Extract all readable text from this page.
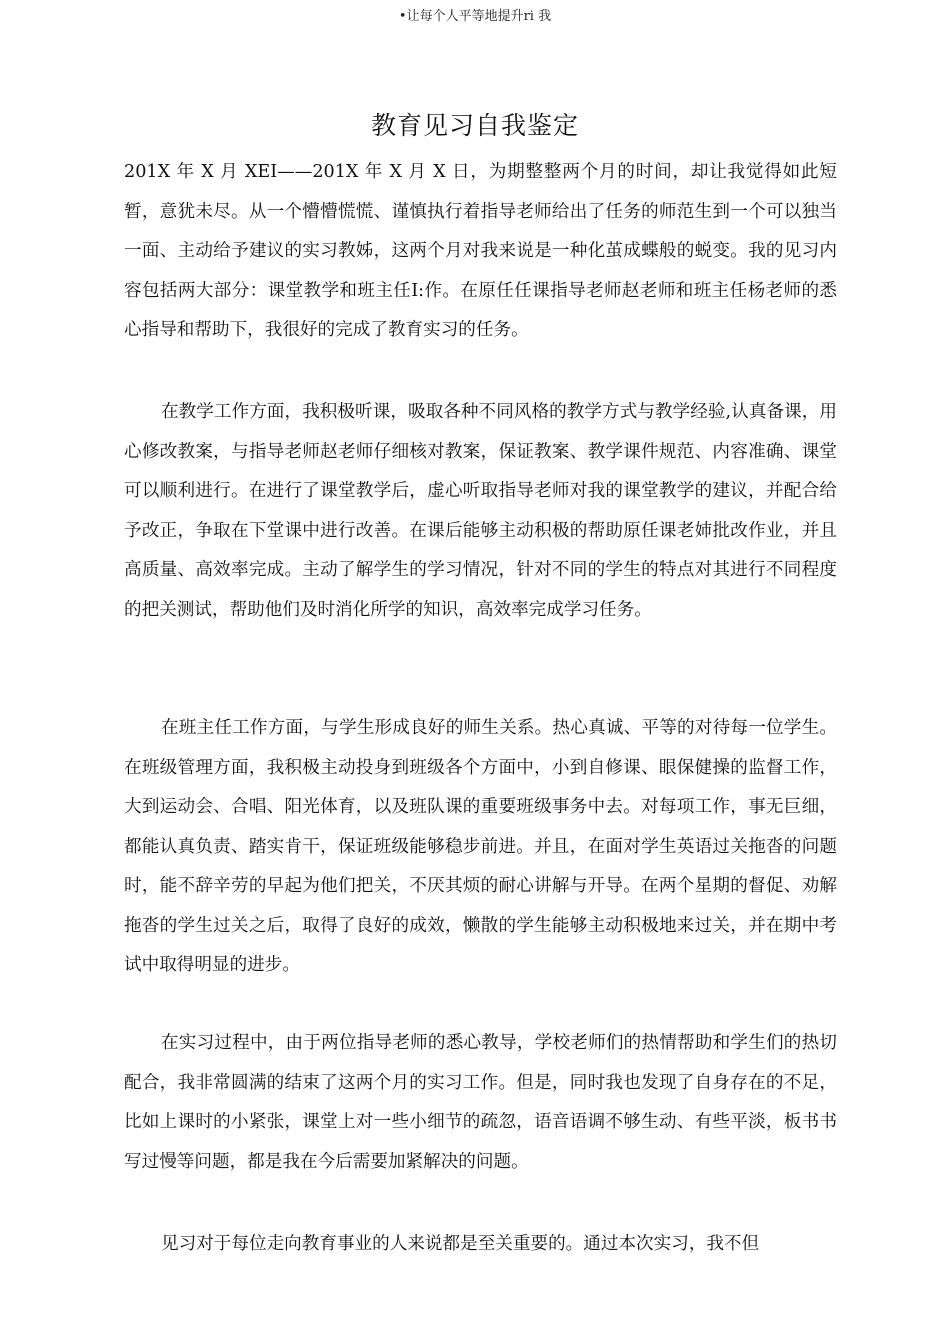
•让每个人平等地提升ri 我
教育见习自我鉴定

201X 年 X 月 XEI——201X 年 X 月 X 日，为期整整两个月的时间，却让我觉得如此短暂，意犹未尽。从一个懵懵慌慌、谨慎执行着指导老师给出了任务的师范生到一个可以独当一面、主动给予建议的实习教姊，这两个月对我来说是一种化茧成蝶般的蜕变。我的见习内容包括两大部分：课堂教学和班主任I:作。在原任任课指导老师赵老师和班主任杨老师的悉心指导和帮助下，我很好的完成了教育实习的任务。

在教学工作方面，我积极听课，吸取各种不同风格的教学方式与教学经验,认真备课，用心修改教案，与指导老师赵老师仔细核对教案，保证教案、教学课件规范、内容准确、课堂可以顺利进行。在进行了课堂教学后，虚心听取指导老师对我的课堂教学的建议，并配合给予改正，争取在下堂课中进行改善。在课后能够主动积极的帮助原任课老姉批改作业，并且高质量、高效率完成。主动了解学生的学习情况，针对不同的学生的特点对其进行不同程度的把关测试，帮助他们及时消化所学的知识，高效率完成学习任务。

在班主任工作方面，与学生形成良好的师生关系。热心真诚、平等的对待每一位学生。在班级管理方面，我积极主动投身到班级各个方面中，小到自修课、眼保健操的监督工作，大到运动会、合唱、阳光体育，以及班队课的重要班级事务中去。对每项工作，事无巨细，都能认真负责、踏实肯干，保证班级能够稳步前进。并且，在面对学生英语过关拖沓的问题时，能不辞辛劳的早起为他们把关，不厌其烦的耐心讲解与开导。在两个星期的督促、劝解拖沓的学生过关之后，取得了良好的成效，懒散的学生能够主动积极地来过关，并在期中考试中取得明显的进步。

在实习过程中，由于两位指导老师的悉心教导，学校老师们的热情帮助和学生们的热切配合，我非常圆满的结束了这两个月的实习工作。但是，同时我也发现了自身存在的不足，比如上课时的小紧张，课堂上对一些小细节的疏忽，语音语调不够生动、有些平淡，板书书写过慢等问题，都是我在今后需要加紧解决的问题。

见习对于每位走向教育事业的人来说都是至关重要的。通过本次实习，我不但
